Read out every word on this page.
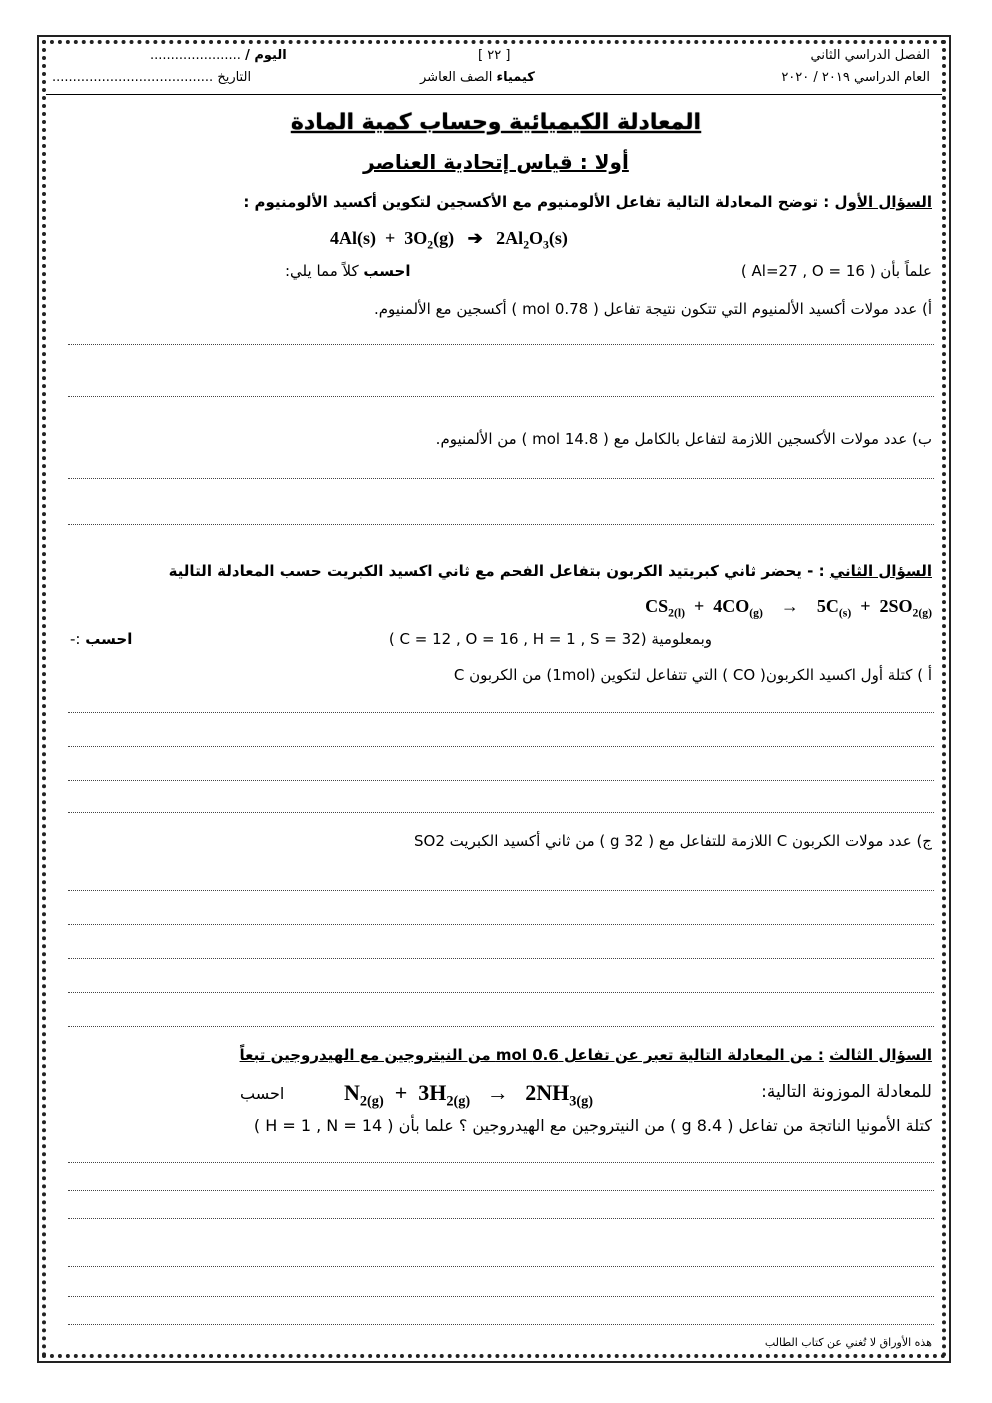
الفصل الدراسي الثاني
العام الدراسي ٢٠١٩ / ٢٠٢٠
[ ٢٢ ]
كيمياء الصف العاشر
اليوم / ......................
التاريخ .......................................
المعادلة الكيميائية وحساب كمية المادة
أولا : قياس إتحادية العناصر
السؤال الأول : توضح المعادلة التالية تفاعل الألومنيوم مع الأكسجين لتكوين أكسيد الألومنيوم :
$4Al(s) + 3O_2(g)$   ➔   $2Al_2O_3(s)$
علماً بأن ( Al=27 , O = 16 )
احسب كلاً مما يلي:
أ) عدد مولات أكسيد الألمنيوم التي تتكون نتيجة تفاعل ( 0.78 mol ) أكسجين مع الألمنيوم.
ب) عدد مولات الأكسجين اللازمة لتفاعل بالكامل مع ( 14.8 mol ) من الألمنيوم.
السؤال الثاني : - يحضر ثاني كبريتيد الكربون بتفاعل الفحم مع ثاني اكسيد الكبريت حسب المعادلة التالية
$CS_{2(l)} + 4CO_{(g)}$    →    $5C_{(s)} + 2SO_{2(g)}$
وبمعلومية (C = 12 , O = 16 , H = 1 , S = 32 )
احسب :-
أ ) كتلة أول اكسيد الكربون( CO ) التي تتفاعل لتكوين (1mol) من الكربون C
ج) عدد مولات الكربون C اللازمة للتفاعل مع ( 32 g ) من ثاني أكسيد الكبريت SO2
السؤال الثالث : من المعادلة التالية تعبر عن تفاعل 0.6 mol من النيتروجين مع الهيدروجين تبعاً
للمعادلة الموزونة التالية:
$N_{2(g)} + 3H_{2(g)} \to 2NH_{3(g)}$
احسب
كتلة الأمونيا الناتجة من تفاعل ( 8.4 g ) من النيتروجين مع الهيدروجين ؟ علما بأن ( H = 1 , N = 14 )
هذه الأوراق لا تُغني عن كتاب الطالب
